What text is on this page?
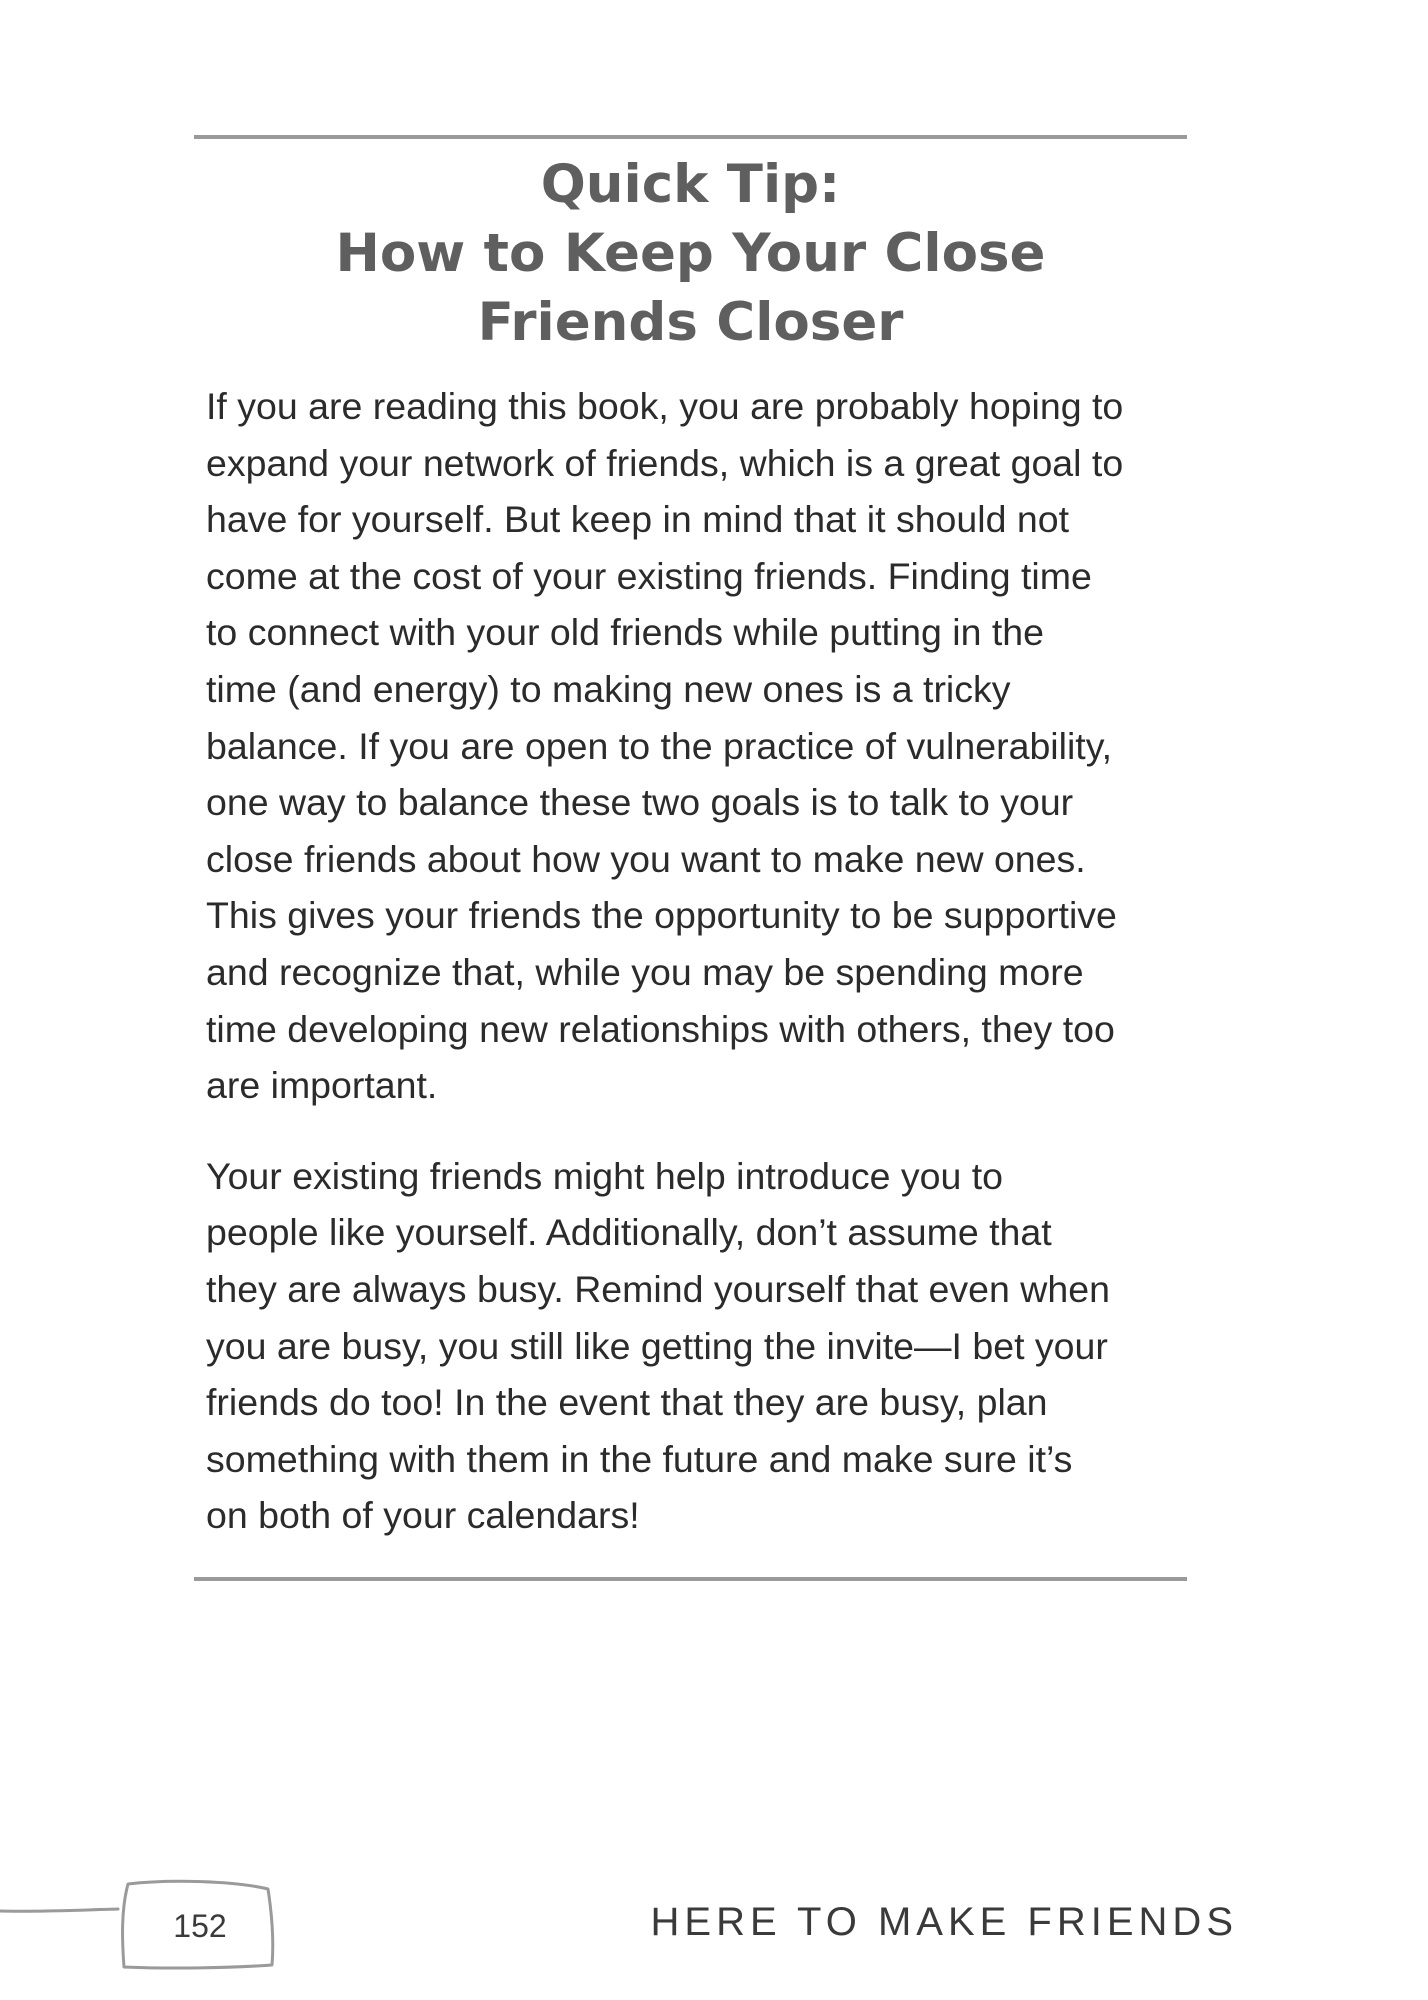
Quick Tip:
How to Keep Your Close
Friends Closer
If you are reading this book, you are probably hoping to
expand your network of friends, which is a great goal to
have for yourself. But keep in mind that it should not
come at the cost of your existing friends. Finding time
to connect with your old friends while putting in the
time (and energy) to making new ones is a tricky
balance. If you are open to the practice of vulnerability,
one way to balance these two goals is to talk to your
close friends about how you want to make new ones.
This gives your friends the opportunity to be supportive
and recognize that, while you may be spending more
time developing new relationships with others, they too
are important.
Your existing friends might help introduce you to
people like yourself. Additionally, don’t assume that
they are always busy. Remind yourself that even when
you are busy, you still like getting the invite—I bet your
friends do too! In the event that they are busy, plan
something with them in the future and make sure it’s
on both of your calendars!
152	HERE TO MAKE FRIENDS
